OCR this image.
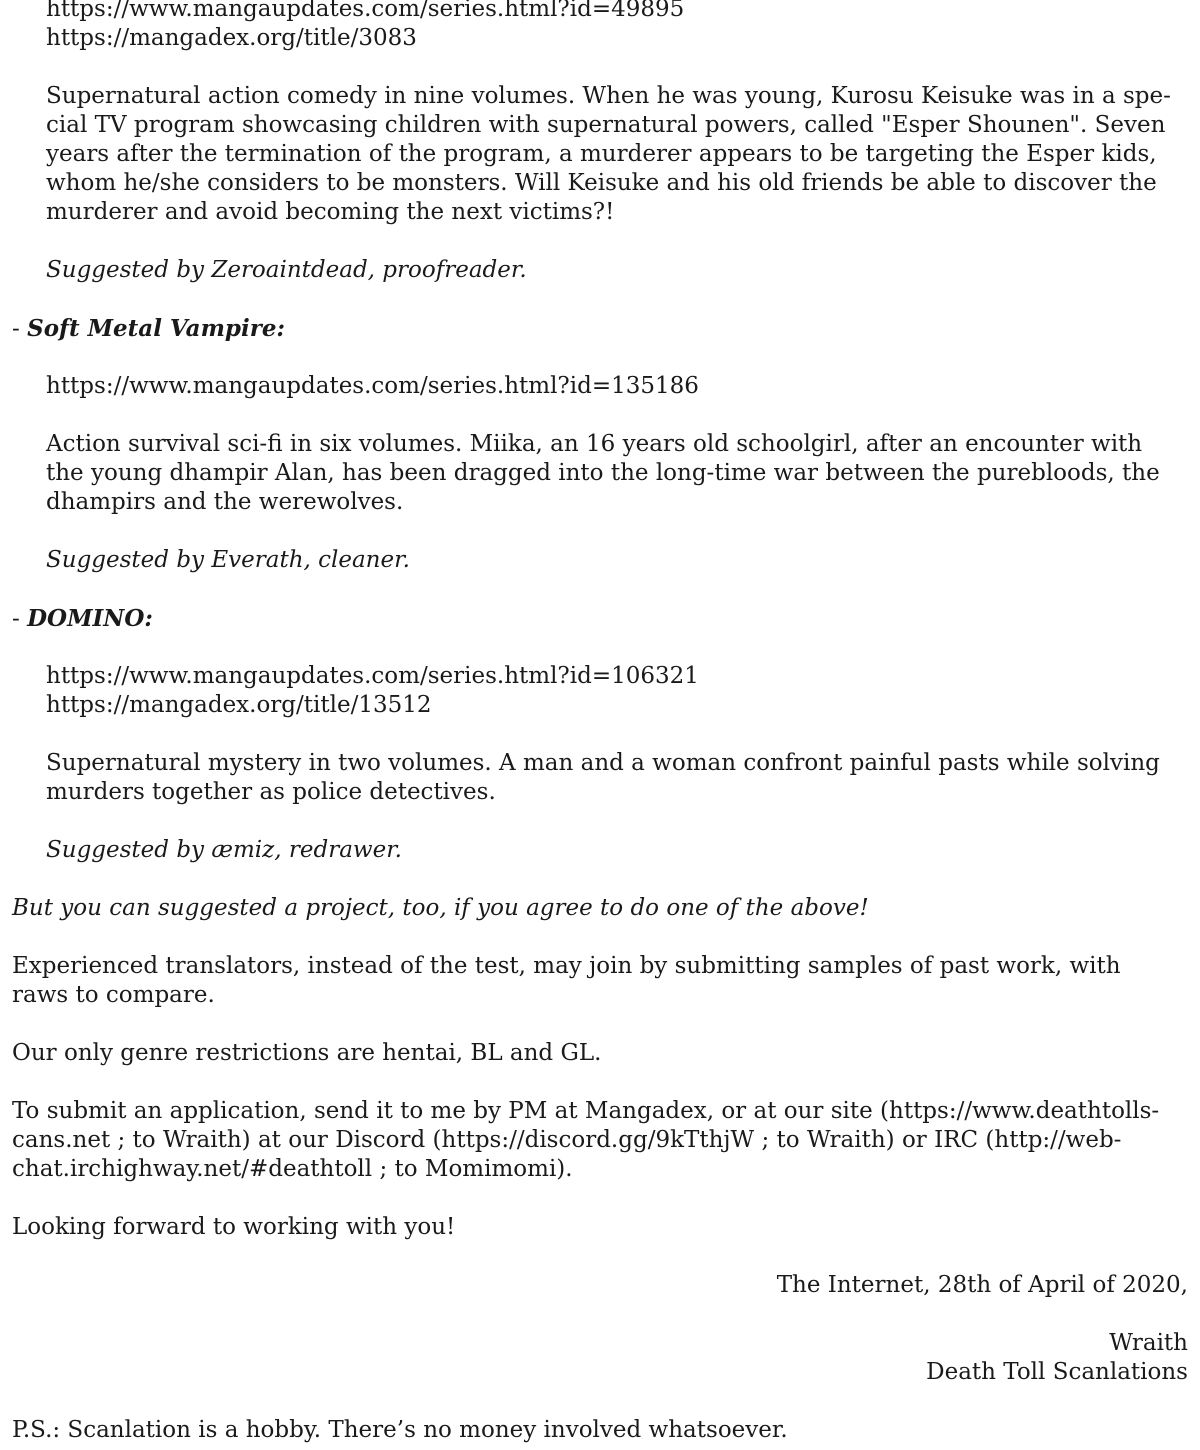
https://www.mangaupdates.com/series.html?id=49895
https://mangadex.org/title/3083
Supernatural action comedy in nine volumes. When he was young, Kurosu Keisuke was in a spe-
cial TV program showcasing children with supernatural powers, called "Esper Shounen". Seven
years after the termination of the program, a murderer appears to be targeting the Esper kids,
whom he/she considers to be monsters. Will Keisuke and his old friends be able to discover the
murderer and avoid becoming the next victims?!
Suggested by Zeroaintdead, proofreader.
- Soft Metal Vampire:
https://www.mangaupdates.com/series.html?id=135186
Action survival sci-fi in six volumes. Miika, an 16 years old schoolgirl, after an encounter with
the young dhampir Alan, has been dragged into the long-time war between the purebloods, the
dhampirs and the werewolves.
Suggested by Everath, cleaner.
- DOMINO:
https://www.mangaupdates.com/series.html?id=106321
https://mangadex.org/title/13512
Supernatural mystery in two volumes. A man and a woman confront painful pasts while solving
murders together as police detectives.
Suggested by æmiz, redrawer.
But you can suggested a project, too, if you agree to do one of the above!
Experienced translators, instead of the test, may join by submitting samples of past work, with
raws to compare.
Our only genre restrictions are hentai, BL and GL.
To submit an application, send it to me by PM at Mangadex, or at our site (https://www.deathtolls-
cans.net ; to Wraith) at our Discord (https://discord.gg/9kTthjW ; to Wraith) or IRC (http://web-
chat.irchighway.net/#deathtoll ; to Momimomi).
Looking forward to working with you!
The Internet, 28th of April of 2020,
Wraith
Death Toll Scanlations
P.S.: Scanlation is a hobby. There’s no money involved whatsoever.
